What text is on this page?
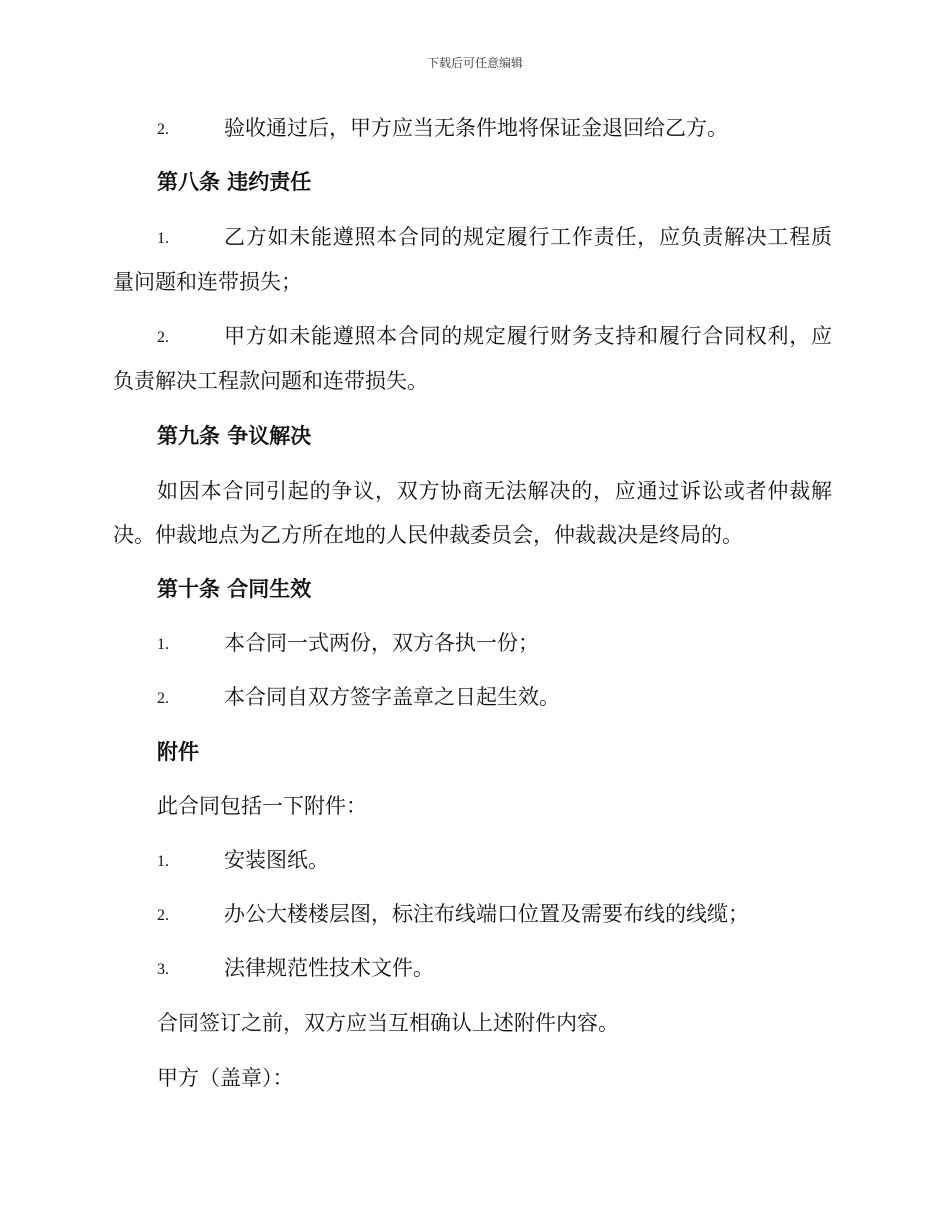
下载后可任意编辑
2.	验收通过后，甲方应当无条件地将保证金退回给乙方。
第八条 违约责任
1.	乙方如未能遵照本合同的规定履行工作责任，应负责解决工程质
量问题和连带损失；
2.	甲方如未能遵照本合同的规定履行财务支持和履行合同权利，应
负责解决工程款问题和连带损失。
第九条 争议解决
如因本合同引起的争议，双方协商无法解决的，应通过诉讼或者仲裁解
决。仲裁地点为乙方所在地的人民仲裁委员会，仲裁裁决是终局的。
第十条 合同生效
1.	本合同一式两份，双方各执一份；
2.	本合同自双方签字盖章之日起生效。
附件
此合同包括一下附件：
1.	安装图纸。
2.	办公大楼楼层图，标注布线端口位置及需要布线的线缆；
3.	法律规范性技术文件。
合同签订之前，双方应当互相确认上述附件内容。
甲方（盖章）：
